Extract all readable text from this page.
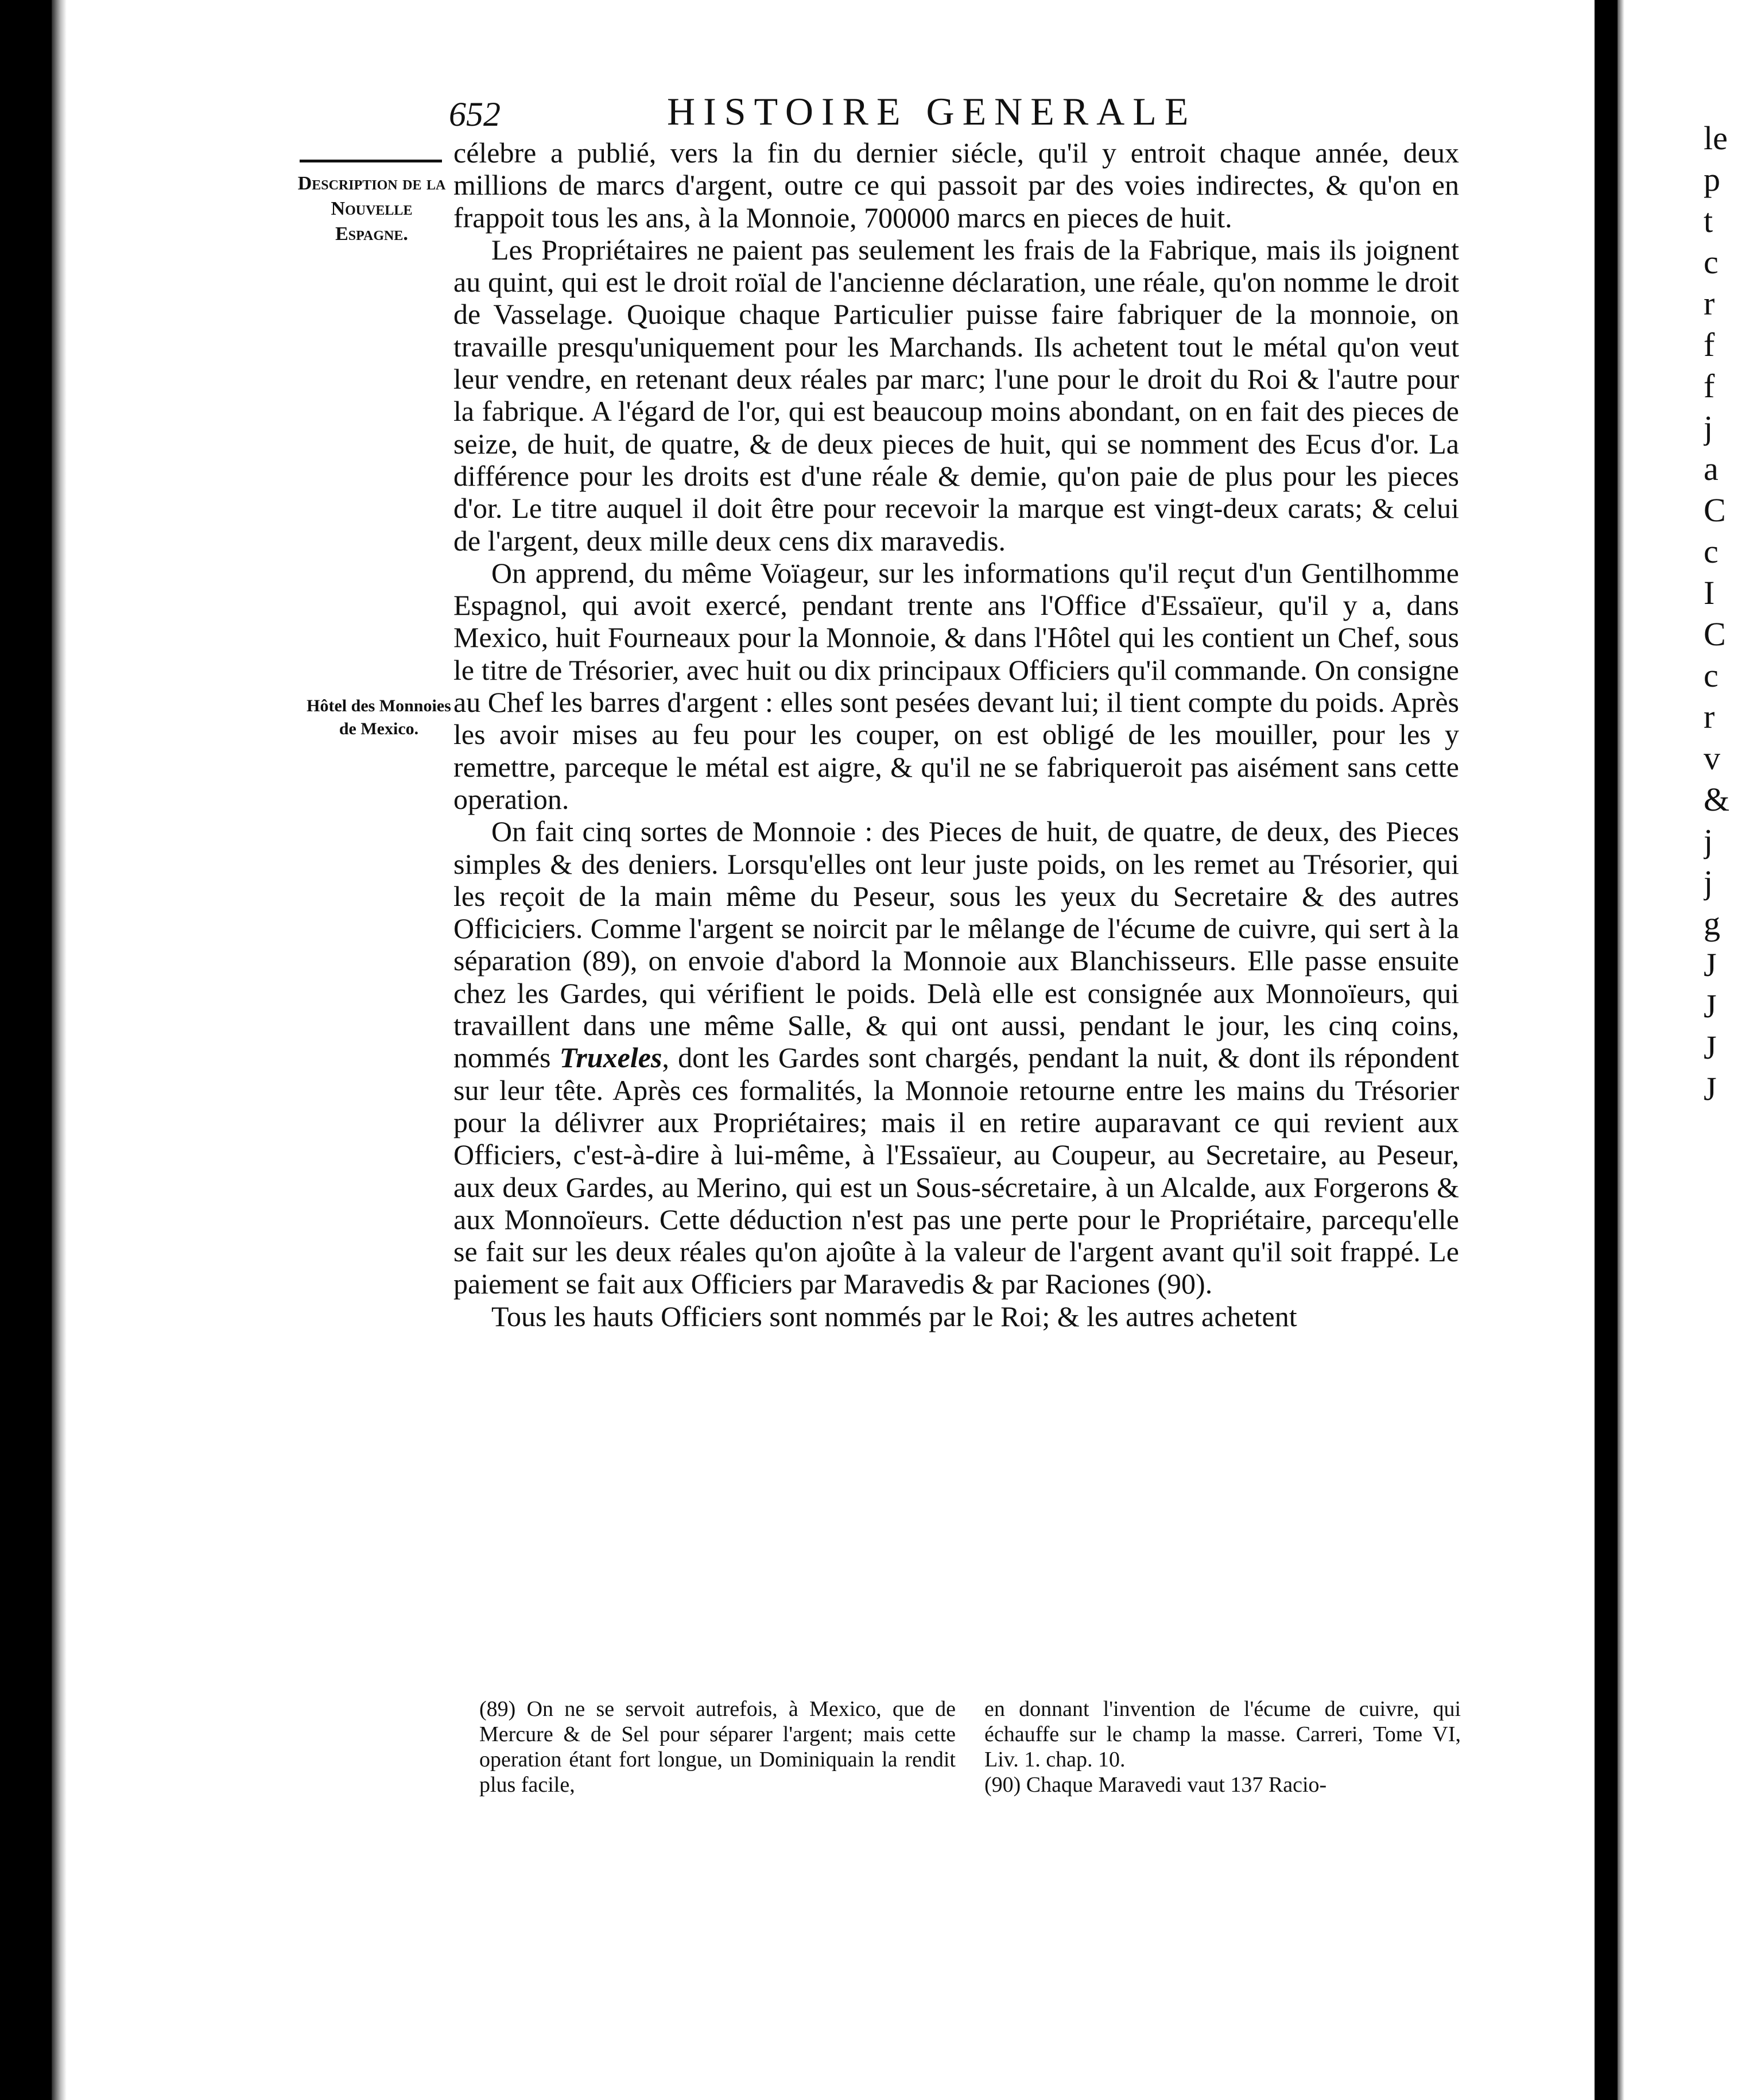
le
p
t
c
r
f
f
j
a
C
c
I
C
c
r
v
&
j
j
g
J
J
J
J
652	HISTOIRE GENERALE
Description de la Nouvelle Espagne.
Hôtel des Monnoies de Mexico.

célebre a publié, vers la fin du dernier siécle, qu'il y entroit chaque année, deux millions de marcs d'argent, outre ce qui passoit par des voies indirectes, & qu'on en frappoit tous les ans, à la Monnoie, 700000 marcs en pieces de huit.

Les Propriétaires ne paient pas seulement les frais de la Fabrique, mais ils joignent au quint, qui est le droit roïal de l'ancienne déclaration, une réale, qu'on nomme le droit de Vasselage. Quoique chaque Particulier puisse faire fabriquer de la monnoie, on travaille presqu'uniquement pour les Marchands. Ils achetent tout le métal qu'on veut leur vendre, en retenant deux réales par marc; l'une pour le droit du Roi & l'autre pour la fabrique. A l'égard de l'or, qui est beaucoup moins abondant, on en fait des pieces de seize, de huit, de quatre, & de deux pieces de huit, qui se nomment des Ecus d'or. La différence pour les droits est d'une réale & demie, qu'on paie de plus pour les pieces d'or. Le titre auquel il doit être pour recevoir la marque est vingt-deux carats; & celui de l'argent, deux mille deux cens dix maravedis.

On apprend, du même Voïageur, sur les informations qu'il reçut d'un Gentilhomme Espagnol, qui avoit exercé, pendant trente ans l'Office d'Essaïeur, qu'il y a, dans Mexico, huit Fourneaux pour la Monnoie, & dans l'Hôtel qui les contient un Chef, sous le titre de Trésorier, avec huit ou dix principaux Officiers qu'il commande. On consigne au Chef les barres d'argent : elles sont pesées devant lui; il tient compte du poids. Après les avoir mises au feu pour les couper, on est obligé de les mouiller, pour les y remettre, parceque le métal est aigre, & qu'il ne se fabriqueroit pas aisément sans cette operation.

On fait cinq sortes de Monnoie : des Pieces de huit, de quatre, de deux, des Pieces simples & des deniers. Lorsqu'elles ont leur juste poids, on les remet au Trésorier, qui les reçoit de la main même du Peseur, sous les yeux du Secretaire & des autres Officiciers. Comme l'argent se noircit par le mêlange de l'écume de cuivre, qui sert à la séparation (89), on envoie d'abord la Monnoie aux Blanchisseurs. Elle passe ensuite chez les Gardes, qui vérifient le poids. Delà elle est consignée aux Monnoïeurs, qui travaillent dans une même Salle, & qui ont aussi, pendant le jour, les cinq coins, nommés Truxeles, dont les Gardes sont chargés, pendant la nuit, & dont ils répondent sur leur tête. Après ces formalités, la Monnoie retourne entre les mains du Trésorier pour la délivrer aux Propriétaires; mais il en retire auparavant ce qui revient aux Officiers, c'est-à-dire à lui-même, à l'Essaïeur, au Coupeur, au Secretaire, au Peseur, aux deux Gardes, au Merino, qui est un Sous-sécretaire, à un Alcalde, aux Forgerons & aux Monnoïeurs. Cette déduction n'est pas une perte pour le Propriétaire, parcequ'elle se fait sur les deux réales qu'on ajoûte à la valeur de l'argent avant qu'il soit frappé. Le paiement se fait aux Officiers par Maravedis & par Raciones (90).

Tous les hauts Officiers sont nommés par le Roi; & les autres achetent

(89) On ne se servoit autrefois, à Mexico, que de Mercure & de Sel pour séparer l'argent; mais cette operation étant fort longue, un Dominiquain la rendit plus facile,

en donnant l'invention de l'écume de cuivre, qui échauffe sur le champ la masse. Carreri, Tome VI, Liv. 1. chap. 10.

(90) Chaque Maravedi vaut 137 Racio-
